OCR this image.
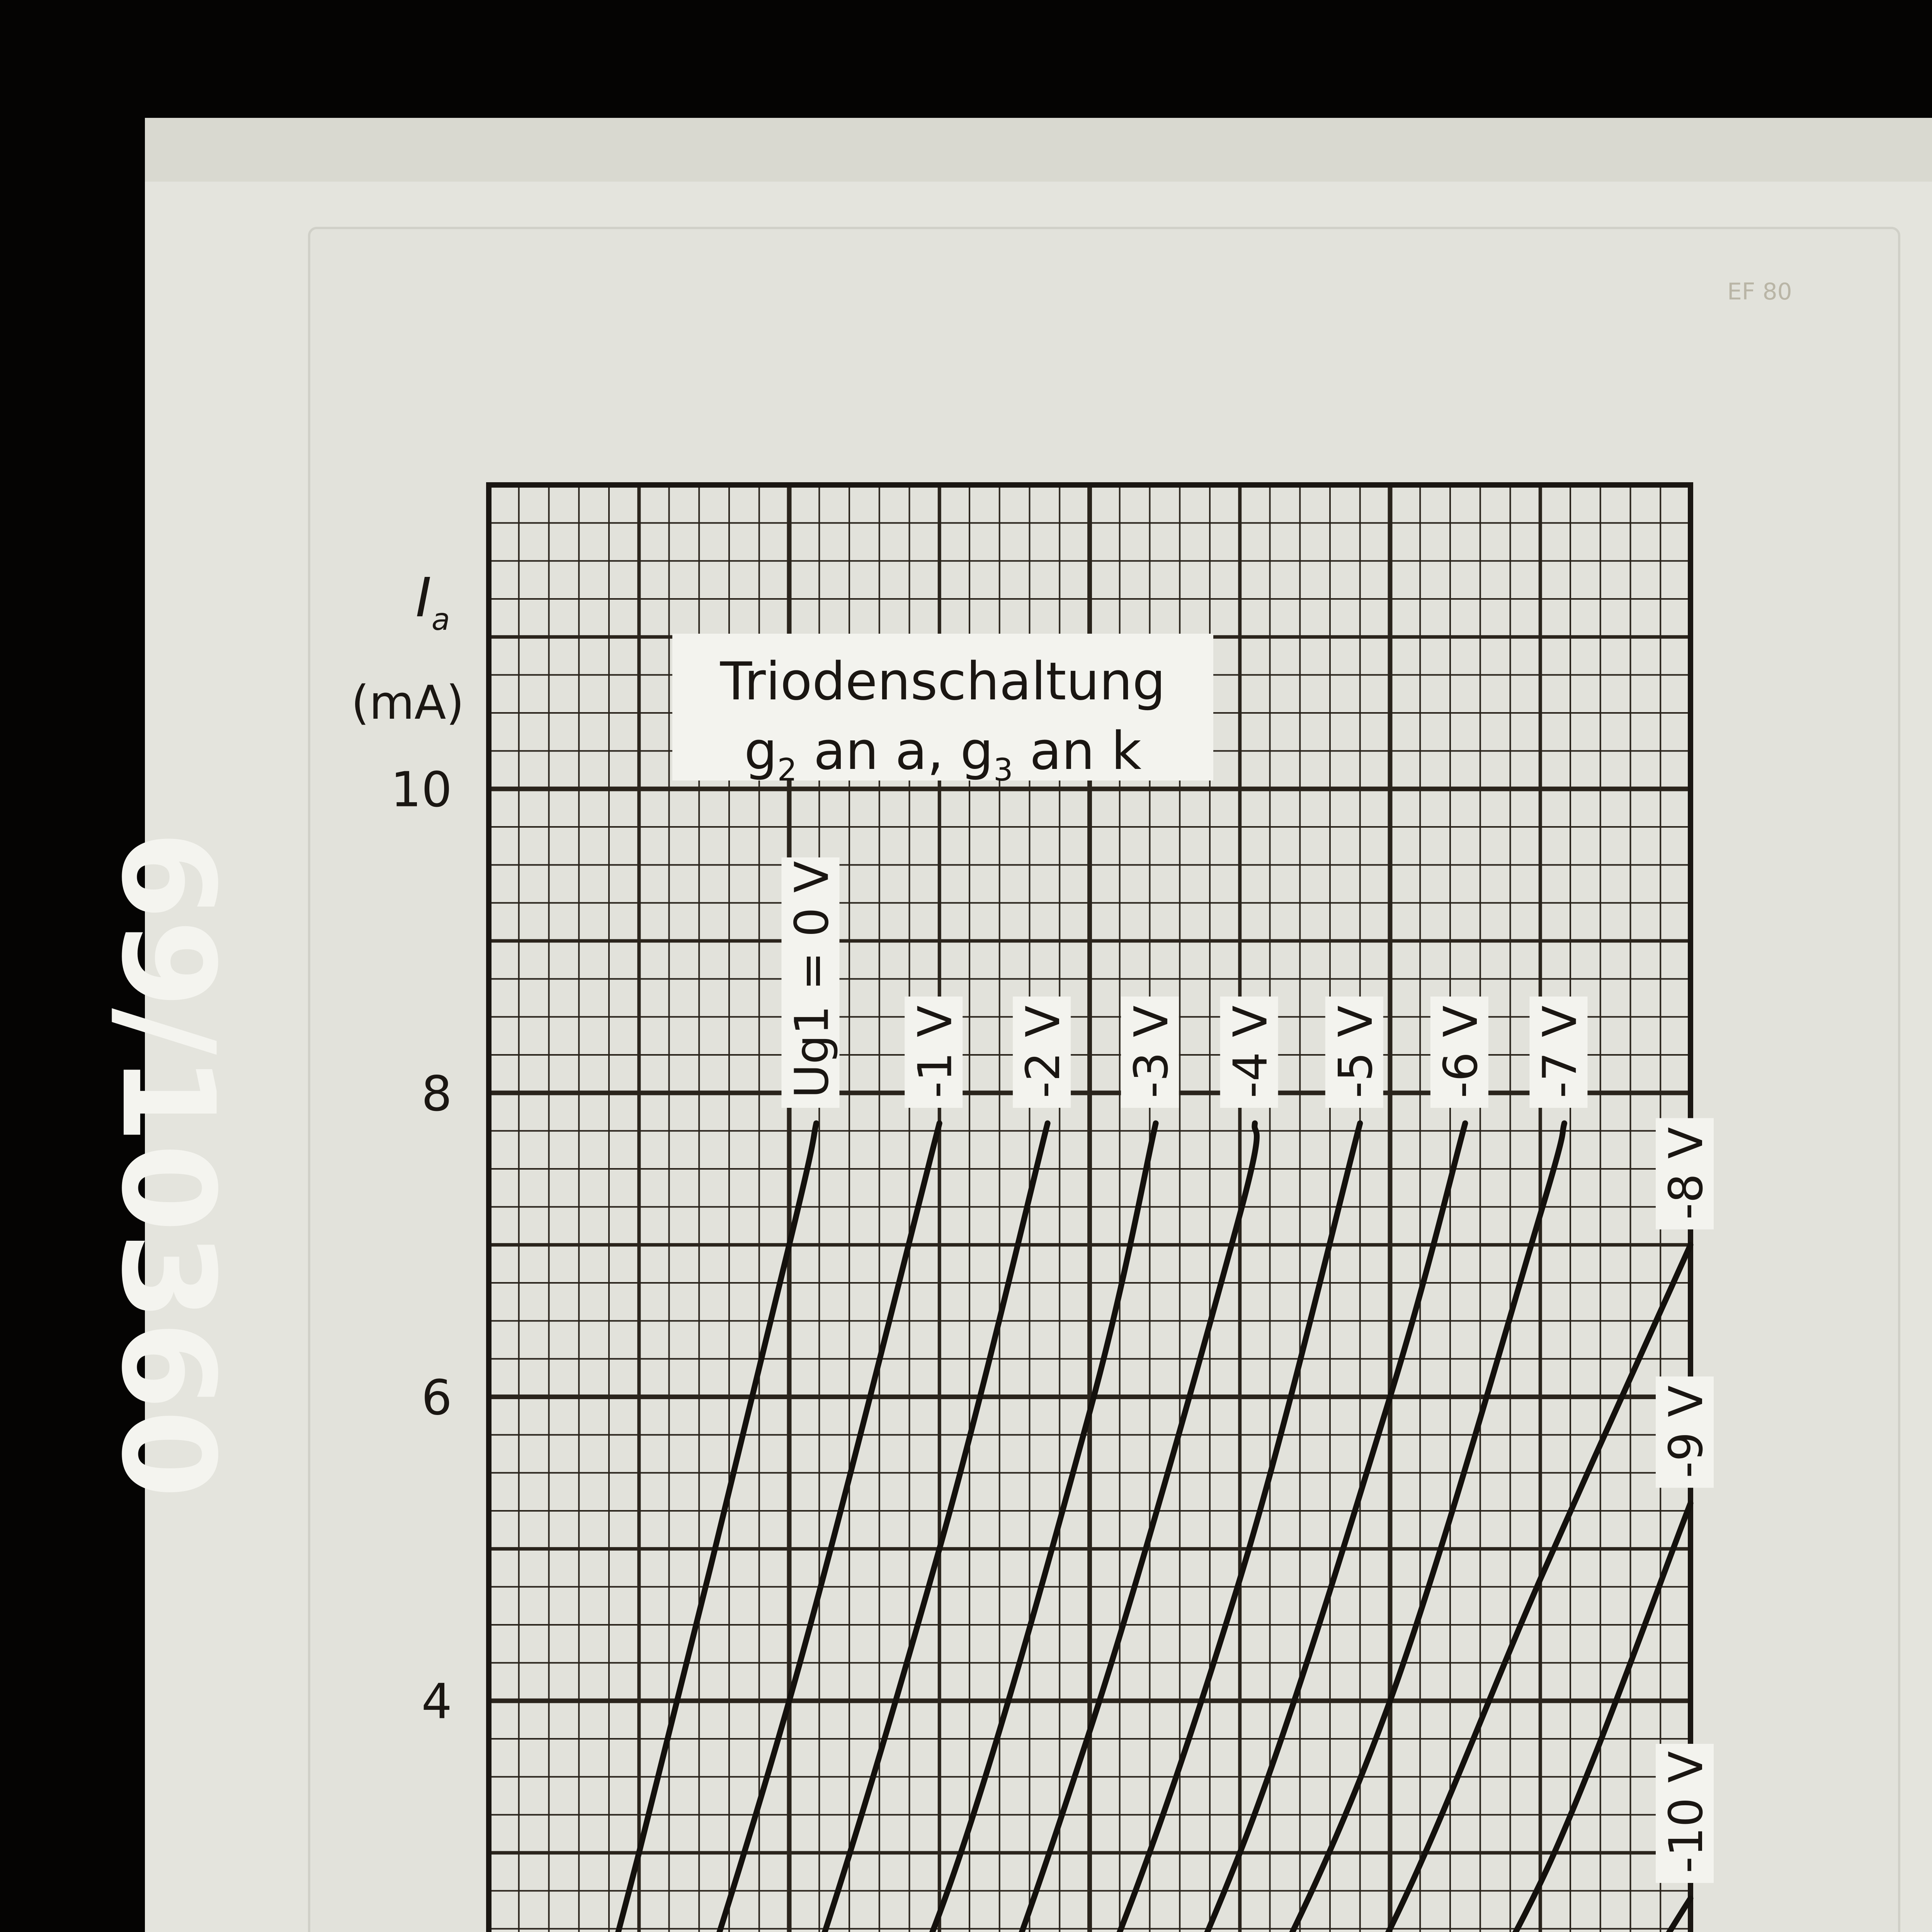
69/10360
EF 80
4
6
8
10
$I_a$
(mA)	Triodenschaltung
$g_2$ an a, $g_3$ an k
Ug1 = 0 V -1 V -2 V -3 V -4 V -5 V -6 V -7 V
-8 V
-9 V
-10 V
